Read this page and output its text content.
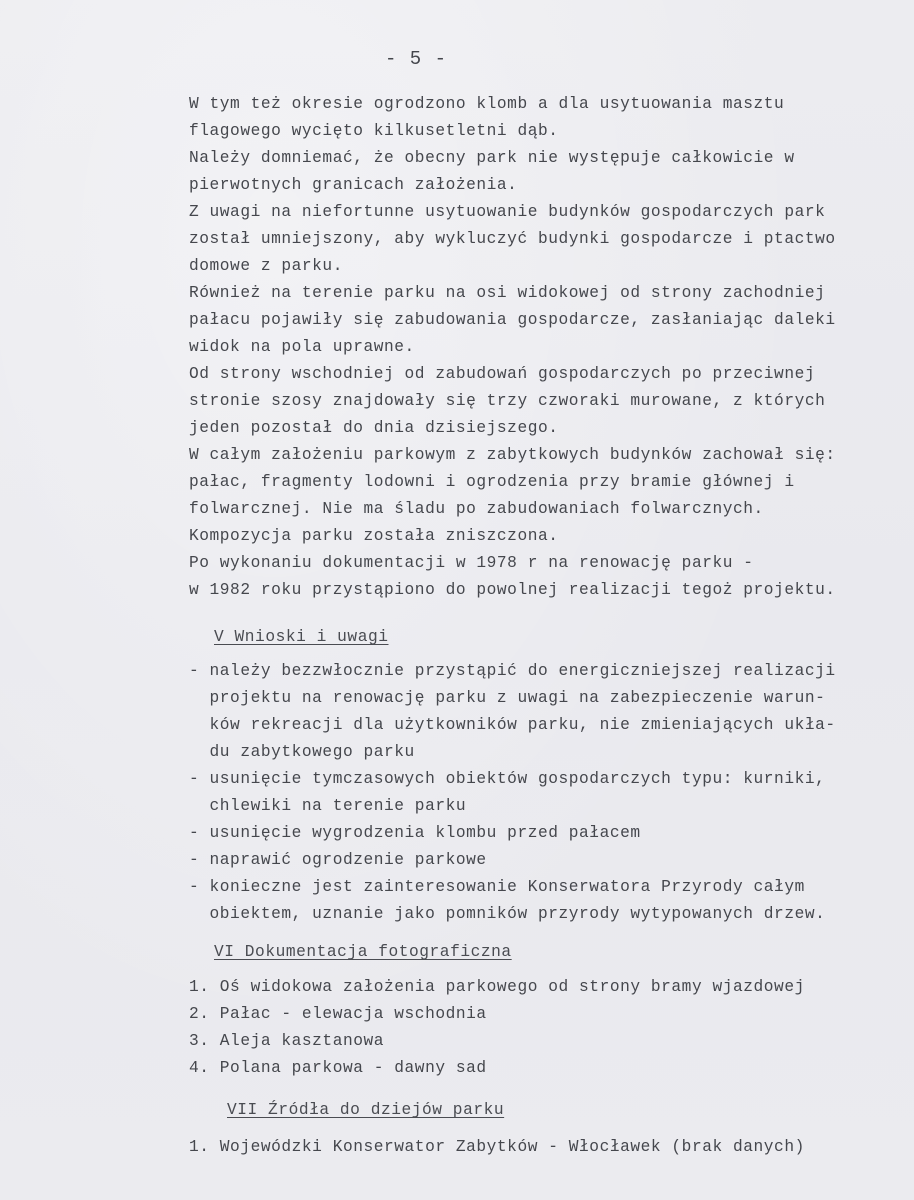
- 5 -
W tym też okresie ogrodzono klomb a dla usytuowania masztu
flagowego wycięto kilkusetletni dąb.
Należy domniemać, że obecny park nie występuje całkowicie w
pierwotnych granicach założenia.
Z uwagi na niefortunne usytuowanie budynków gospodarczych park
został umniejszony, aby wykluczyć budynki gospodarcze i ptactwo
domowe z parku.
Również na terenie parku na osi widokowej od strony zachodniej
pałacu pojawiły się zabudowania gospodarcze, zasłaniając daleki
widok na pola uprawne.
Od strony wschodniej od zabudowań gospodarczych po przeciwnej
stronie szosy znajdowały się trzy czworaki murowane, z których
jeden pozostał do dnia dzisiejszego.
W całym założeniu parkowym z zabytkowych budynków zachował się:
pałac, fragmenty lodowni i ogrodzenia przy bramie głównej i
folwarcznej. Nie ma śladu po zabudowaniach folwarcznych.
Kompozycja parku została zniszczona.
Po wykonaniu dokumentacji w 1978 r na renowację parku -
w 1982 roku przystąpiono do powolnej realizacji tegoż projektu.
V Wnioski i uwagi
- należy bezzwłocznie przystąpić do energiczniejszej realizacji
projektu na renowację parku z uwagi na zabezpieczenie warun-
ków rekreacji dla użytkowników parku, nie zmieniających ukła-
du zabytkowego parku
- usunięcie tymczasowych obiektów gospodarczych typu: kurniki,
chlewiki na terenie parku
- usunięcie wygrodzenia klombu przed pałacem
- naprawić ogrodzenie parkowe
- konieczne jest zainteresowanie Konserwatora Przyrody całym
obiektem, uznanie jako pomników przyrody wytypowanych drzew.
VI Dokumentacja fotograficzna
1. Oś widokowa założenia parkowego od strony bramy wjazdowej
2. Pałac - elewacja wschodnia
3. Aleja kasztanowa
4. Polana parkowa - dawny sad
VII Źródła do dziejów parku
1. Wojewódzki Konserwator Zabytków - Włocławek (brak danych)
